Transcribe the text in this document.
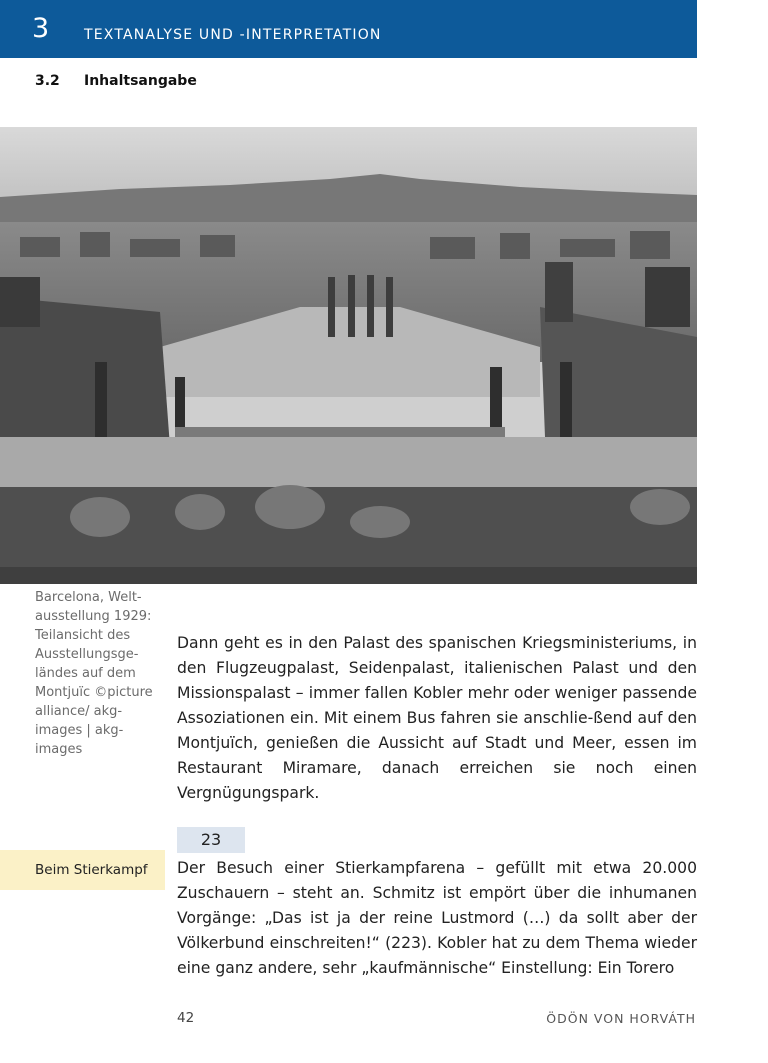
3 TEXTANALYSE UND -INTERPRETATION
3.2 Inhaltsangabe
Barcelona, Welt-ausstellung 1929: Teilansicht des Ausstellungsge-ländes auf dem Montjuïc ©picture alliance/ akg-images | akg-images
Dann geht es in den Palast des spanischen Kriegsministeriums, in den Flugzeugpalast, Seidenpalast, italienischen Palast und den Missionspalast – immer fallen Kobler mehr oder weniger passende Assoziationen ein. Mit einem Bus fahren sie anschlie-ßend auf den Montjuïch, genießen die Aussicht auf Stadt und Meer, essen im Restaurant Miramare, danach erreichen sie noch einen Vergnügungspark.
23
Beim Stierkampf	Der Besuch einer Stierkampfarena – gefüllt mit etwa 20.000 Zuschauern – steht an. Schmitz ist empört über die inhumanen Vorgänge: „Das ist ja der reine Lustmord (…) da sollt aber der Völkerbund einschreiten!“ (223). Kobler hat zu dem Thema wieder eine ganz andere, sehr „kaufmännische“ Einstellung: Ein Torero
42	ÖDÖN VON HORVÁTH
